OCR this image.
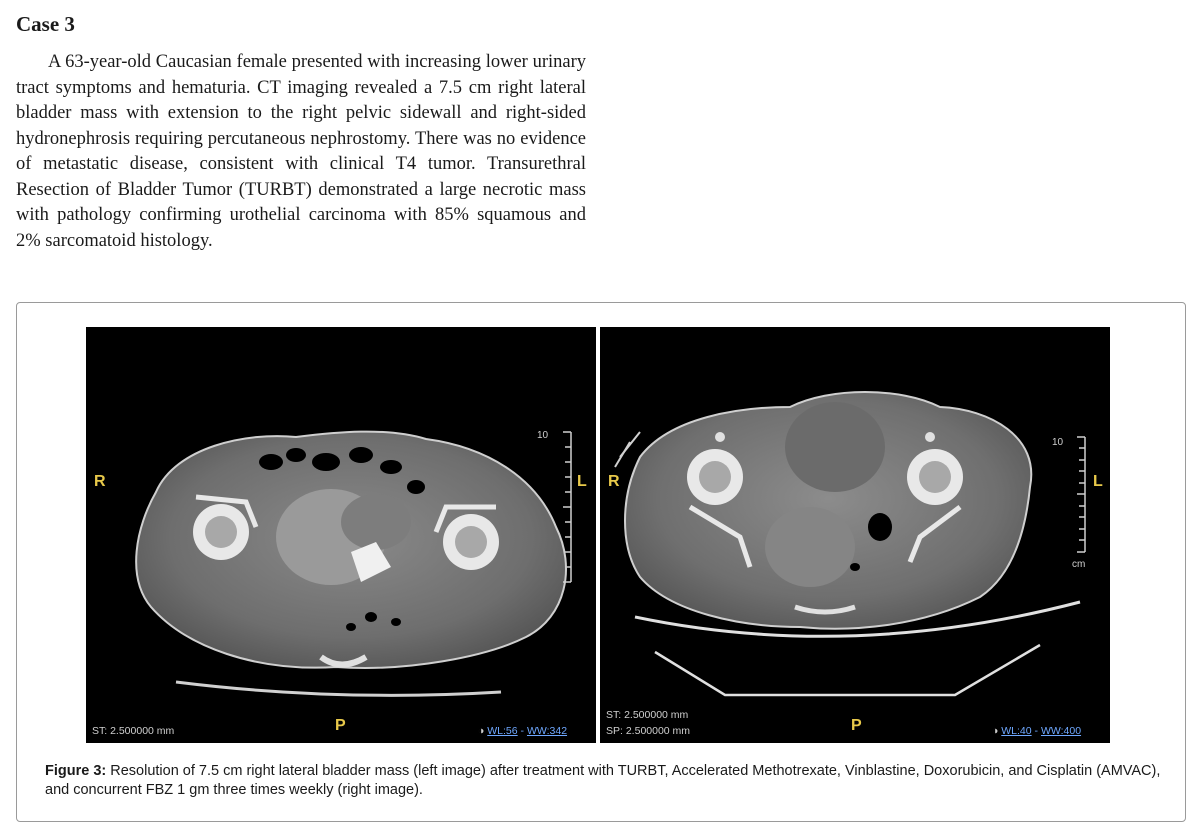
Case 3

A 63-year-old Caucasian female presented with increasing lower urinary tract symptoms and hematuria. CT imaging revealed a 7.5 cm right lateral bladder mass with extension to the right pelvic sidewall and right-sided hydronephrosis requiring percutaneous nephrostomy. There was no evidence of metastatic disease, consistent with clinical T4 tumor. Transurethral Resection of Bladder Tumor (TURBT) demonstrated a large necrotic mass with pathology confirming urothelial carcinoma with 85% squamous and 2% sarcomatoid histology.

R	L
P
10
ST: 2.500000 mm	◑ WL:56 - WW:342
R	L
P
10
cm
ST: 2.500000 mm
SP: 2.500000 mm	◑ WL:40 - WW:400

Figure 3: Resolution of 7.5 cm right lateral bladder mass (left image) after treatment with TURBT, Accelerated Methotrexate, Vinblastine, Doxorubicin, and Cisplatin (AMVAC), and concurrent FBZ 1 gm three times weekly (right image).
